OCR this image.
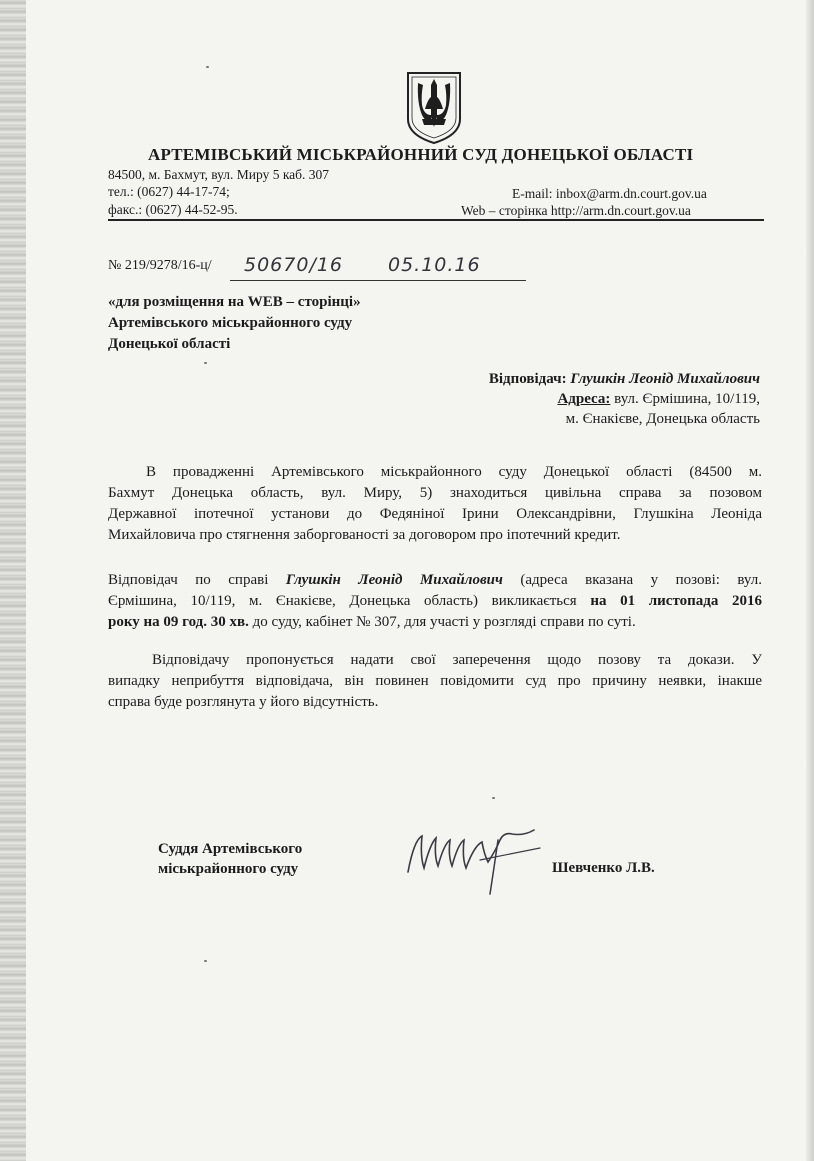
АРТЕМІВСЬКИЙ МІСЬКРАЙОННИЙ СУД ДОНЕЦЬКОЇ ОБЛАСТІ
84500, м. Бахмут, вул. Миру 5 каб. 307
тел.: (0627) 44-17-74;
факс.: (0627) 44-52-95.
E-mail: inbox@arm.dn.court.gov.ua
Web – сторінка http://arm.dn.court.gov.ua
№ 219/9278/16-ц/ 50670/16 05.10.16
«для розміщення на WEB – сторінці»
Артемівського міськрайонного суду
Донецької області
Відповідач: Глушкін Леонід Михайлович
Адреса: вул. Єрмішина, 10/119,
м. Єнакієве, Донецька область
В провадженні Артемівського міськрайонного суду Донецької області (84500 м.
Бахмут Донецька область, вул. Миру, 5) знаходиться цивільна справа за позовом
Державної іпотечної установи до Федяніної Ірини Олександрівни, Глушкіна Леоніда
Михайловича про стягнення заборгованості за договором про іпотечний кредит.
Відповідач по справі Глушкін Леонід Михайлович (адреса вказана у позові: вул.
Єрмішина, 10/119, м. Єнакієве, Донецька область) викликається на 01 листопада 2016
року на 09 год. 30 хв. до суду, кабінет № 307, для участі у розгляді справи по суті.
Відповідачу пропонується надати свої заперечення щодо позову та докази. У
випадку неприбуття відповідача, він повинен повідомити суд про причину неявки, інакше
справа буде розглянута у його відсутність.
Суддя Артемівського
міськрайонного суду	Шевченко Л.В.
